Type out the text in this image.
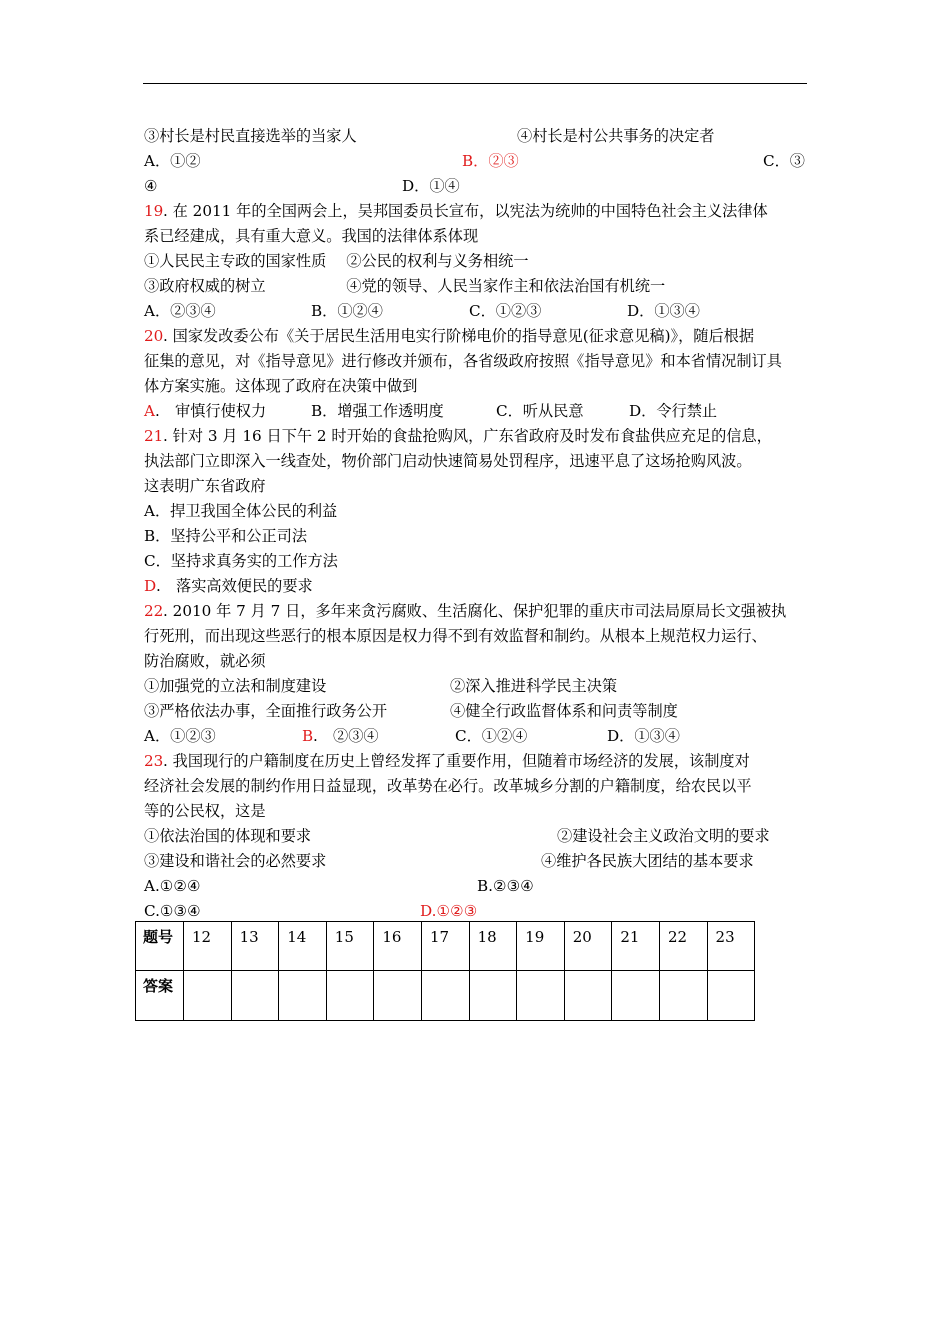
③村长是村民直接选举的当家人	④村长是村公共事务的决定者
A．①②	B．②③	C．③
④	D．①④
19 . 在 2011 年的全国两会上，吴邦国委员长宣布，以宪法为统帅的中国特色社会主义法律体
系已经建成，具有重大意义。我国的法律体系体现
①人民民主专政的国家性质　 ②公民的权利与义务相统一
③政府权威的树立　　　　　 ④党的领导、人民当家作主和依法治国有机统一
A．②③④	B．①②④	C．①②③	D．①③④
20 . 国家发改委公布《关于居民生活用电实行阶梯电价的指导意见(征求意见稿)》，随后根据
征集的意见，对《指导意见》进行修改并颁布，各省级政府按照《指导意见》和本省情况制订具
体方案实施。这体现了政府在决策中做到
A .　审慎行使权力	B．增强工作透明度	C．听从民意	D．令行禁止
21 . 针对 3 月 16 日下午 2 时开始的食盐抢购风，广东省政府及时发布食盐供应充足的信息，
执法部门立即深入一线查处，物价部门启动快速简易处罚程序，迅速平息了这场抢购风波。
这表明广东省政府
A．捍卫我国全体公民的利益
B．坚持公平和公正司法
C．坚持求真务实的工作方法
D .　落实高效便民的要求
22 . 2010 年 7 月 7 日，多年来贪污腐败、生活腐化、保护犯罪的重庆市司法局原局长文强被执
行死刑，而出现这些恶行的根本原因是权力得不到有效监督和制约。从根本上规范权力运行、
防治腐败，就必须
①加强党的立法和制度建设	②深入推进科学民主决策
③严格依法办事，全面推行政务公开	④健全行政监督体系和问责等制度
A．①②③	B .　②③④	C．①②④	D．①③④
23 . 我国现行的户籍制度在历史上曾经发挥了重要作用，但随着市场经济的发展，该制度对
经济社会发展的制约作用日益显现，改革势在必行。改革城乡分割的户籍制度，给农民以平
等的公民权，这是
①依法治国的体现和要求	②建设社会主义政治文明的要求
③建设和谐社会的必然要求	④维护各民族大团结的基本要求
A.①②④	B.②③④
C.①③④	D.①②③
题号	12	13	14	15	16	17	18	19	20	21	22	23
答案												
